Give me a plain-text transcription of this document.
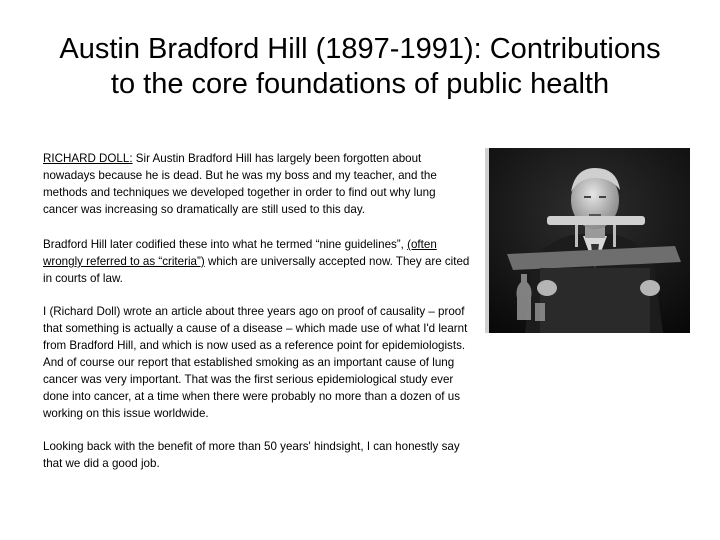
Austin Bradford Hill (1897-1991): Contributions
to the core foundations of public health

RICHARD DOLL: Sir Austin Bradford Hill has largely been forgotten about nowadays because he is dead. But he was my boss and my teacher, and the methods and techniques we developed together in order to find out why lung cancer was increasing so dramatically are still used to this day.

Bradford Hill later codified these into what he termed “nine guidelines”, (often wrongly referred to as “criteria”) which are universally accepted now. They are cited in courts of law.

I (Richard Doll) wrote an article about three years ago on proof of causality – proof that something is actually a cause of a disease – which made use of what I'd learnt from Bradford Hill, and which is now used as a reference point for epidemiologists. And of course our report that established smoking as an important cause of lung cancer was very important. That was the first serious epidemiological study ever done into cancer, at a time when there were probably no more than a dozen of us working on this issue worldwide.

Looking back with the benefit of more than 50 years' hindsight, I can honestly say that we did a good job.
